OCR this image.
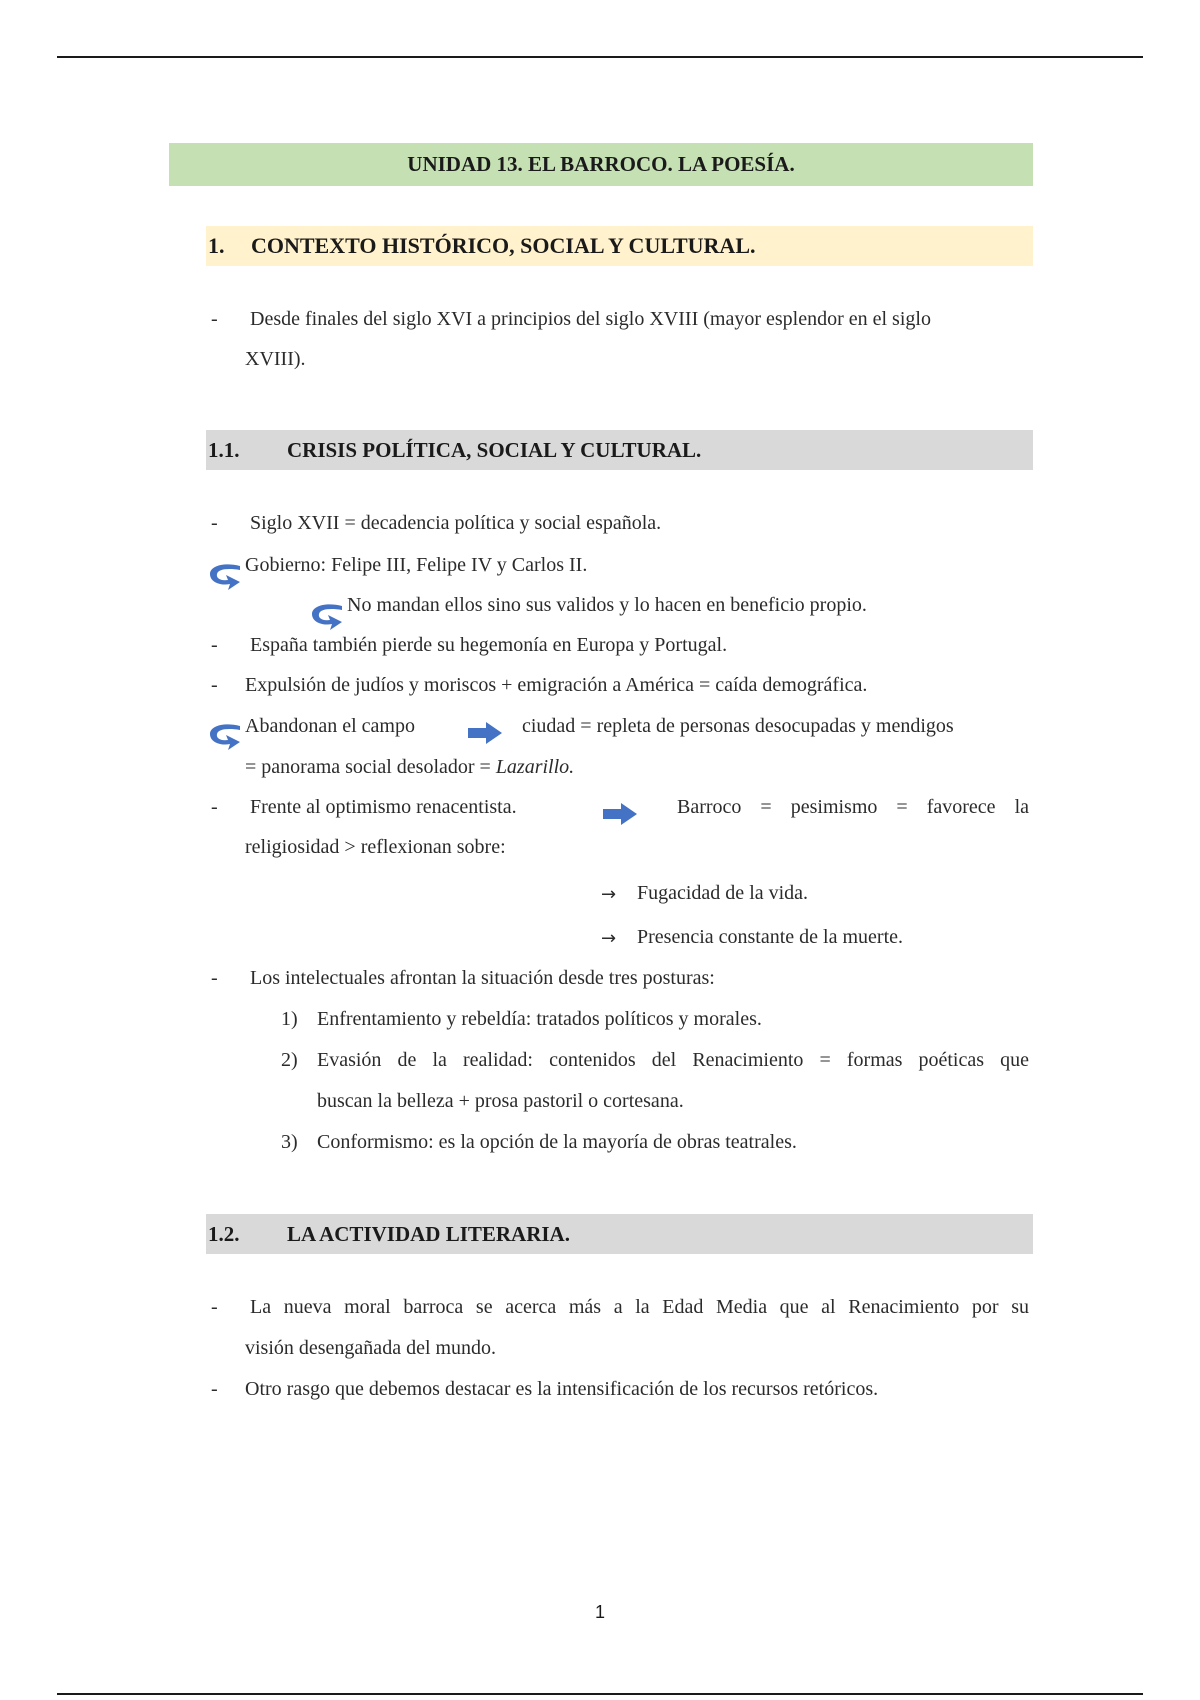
UNIDAD 13. EL BARROCO. LA POESÍA.
1. CONTEXTO HISTÓRICO, SOCIAL Y CULTURAL.
- Desde finales del siglo XVI a principios del siglo XVIII (mayor esplendor en el siglo
XVIII).
1.1. CRISIS POLÍTICA, SOCIAL Y CULTURAL.
- Siglo XVII = decadencia política y social española.
Gobierno: Felipe III, Felipe IV y Carlos II.
No mandan ellos sino sus validos y lo hacen en beneficio propio.
- España también pierde su hegemonía en Europa y Portugal.
- Expulsión de judíos y moriscos + emigración a América = caída demográfica.
Abandonan el campo	ciudad = repleta de personas desocupadas y mendigos
= panorama social desolador = Lazarillo.
- Frente al optimismo renacentista.	Barroco = pesimismo = favorece la
religiosidad > reflexionan sobre:
→ Fugacidad de la vida.
→ Presencia constante de la muerte.
- Los intelectuales afrontan la situación desde tres posturas:
1) Enfrentamiento y rebeldía: tratados políticos y morales.
2) Evasión de la realidad: contenidos del Renacimiento = formas poéticas que
buscan la belleza + prosa pastoril o cortesana.
3) Conformismo: es la opción de la mayoría de obras teatrales.
1.2. LA ACTIVIDAD LITERARIA.
- La nueva moral barroca se acerca más a la Edad Media que al Renacimiento por su
visión desengañada del mundo.
- Otro rasgo que debemos destacar es la intensificación de los recursos retóricos.
1
